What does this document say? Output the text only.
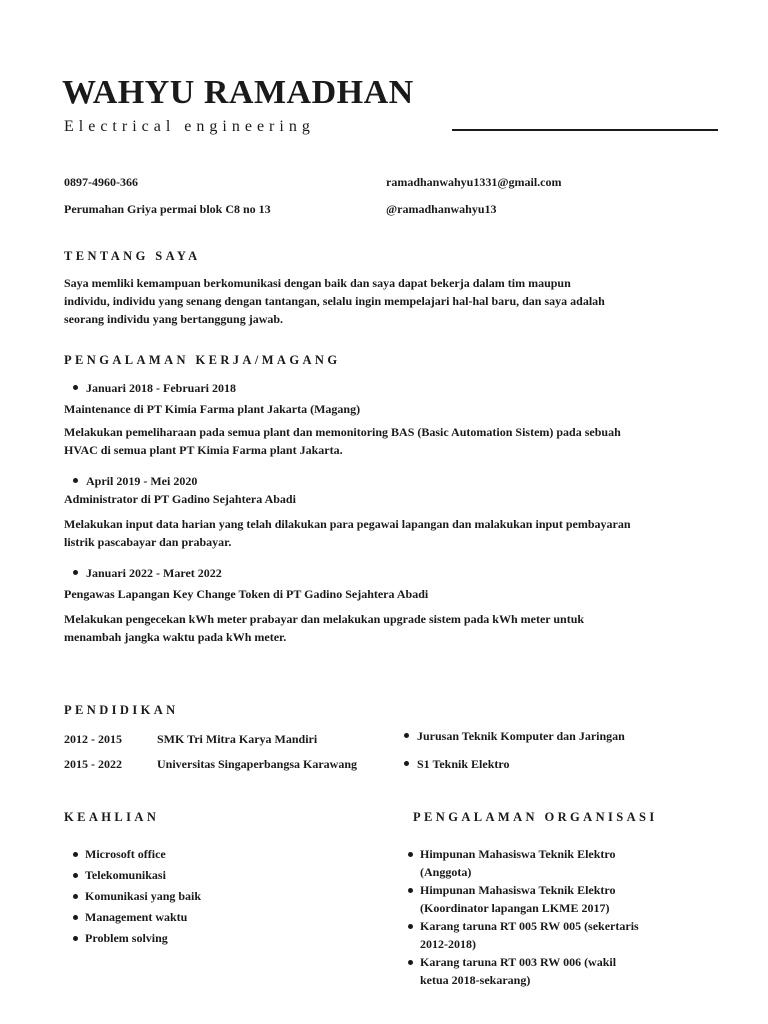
WAHYU RAMADHAN
Electrical engineering
0897-4960-366	ramadhanwahyu1331@gmail.com
Perumahan Griya permai blok C8 no 13	@ramadhanwahyu13
TENTANG SAYA
Saya memliki kemampuan berkomunikasi dengan baik dan saya dapat bekerja dalam tim maupun
individu, individu yang senang dengan tantangan, selalu ingin mempelajari hal-hal baru, dan saya adalah
seorang individu yang bertanggung jawab.
PENGALAMAN KERJA/MAGANG
Januari 2018 - Februari 2018
Maintenance di PT Kimia Farma plant Jakarta (Magang)
Melakukan pemeliharaan pada semua plant dan memonitoring BAS (Basic Automation Sistem) pada sebuah
HVAC di semua plant PT Kimia Farma plant Jakarta.
April 2019 - Mei 2020
Administrator di PT Gadino Sejahtera Abadi
Melakukan input data harian yang telah dilakukan para pegawai lapangan dan malakukan input pembayaran
listrik pascabayar dan prabayar.
Januari 2022 - Maret 2022
Pengawas Lapangan Key Change Token di PT Gadino Sejahtera Abadi
Melakukan pengecekan kWh meter prabayar dan melakukan upgrade sistem pada kWh meter untuk
menambah jangka waktu pada kWh meter.
PENDIDIKAN
2012 - 2015	SMK Tri Mitra Karya Mandiri	Jurusan Teknik Komputer dan Jaringan
2015 - 2022	Universitas Singaperbangsa Karawang	S1 Teknik Elektro
KEAHLIAN
Microsoft office
Telekomunikasi
Komunikasi yang baik
Management waktu
Problem solving
PENGALAMAN ORGANISASI
Himpunan Mahasiswa Teknik Elektro
(Anggota)
Himpunan Mahasiswa Teknik Elektro
(Koordinator lapangan LKME 2017)
Karang taruna RT 005 RW 005 (sekertaris
2012-2018)
Karang taruna RT 003 RW 006 (wakil
ketua 2018-sekarang)
